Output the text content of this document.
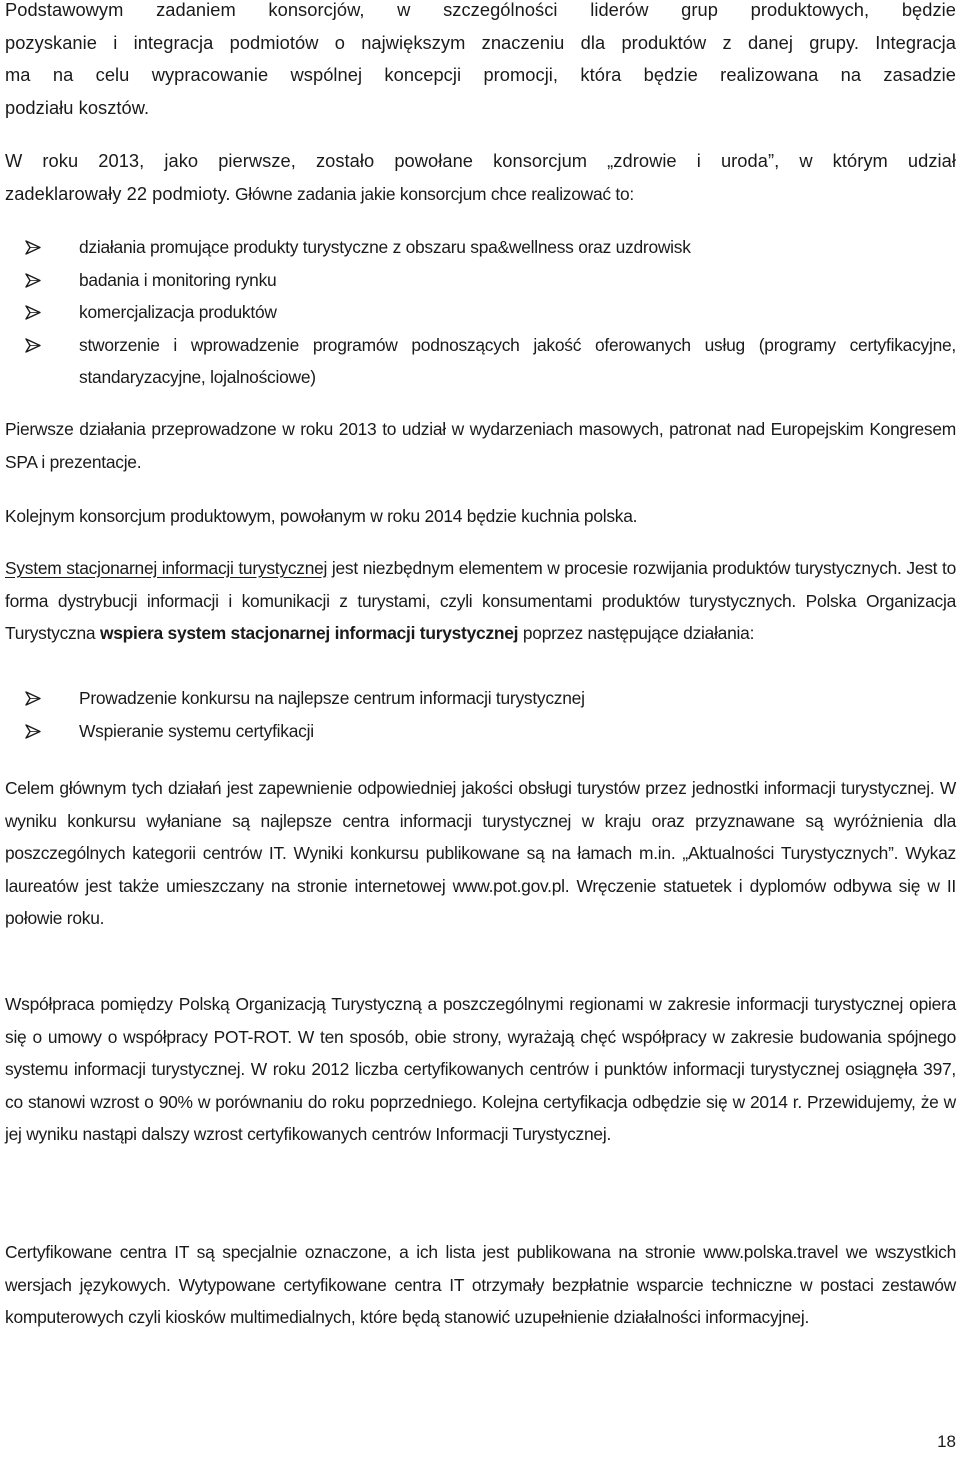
Podstawowym zadaniem konsorcjów, w szczególności liderów grup produktowych, będzie
pozyskanie i integracja podmiotów o największym znaczeniu dla produktów z danej grupy. Integracja
ma na celu wypracowanie wspólnej koncepcji promocji, która będzie realizowana na zasadzie
podziału kosztów.
W roku 2013, jako pierwsze, zostało powołane konsorcjum „zdrowie i uroda”, w którym udział
zadeklarowały 22 podmioty. Główne zadania jakie konsorcjum chce realizować to:
działania promujące produkty turystyczne z obszaru spa&wellness oraz uzdrowisk
badania i monitoring rynku
komercjalizacja produktów
stworzenie i wprowadzenie programów podnoszących jakość oferowanych usług (programy certyfikacyjne, standaryzacyjne, lojalnościowe)

Pierwsze działania przeprowadzone w roku 2013 to udział w wydarzeniach masowych, patronat nad Europejskim Kongresem SPA i prezentacje.

Kolejnym konsorcjum produktowym, powołanym w roku 2014 będzie kuchnia polska.

System stacjonarnej informacji turystycznej jest niezbędnym elementem w procesie rozwijania produktów turystycznych. Jest to forma dystrybucji informacji i komunikacji z turystami, czyli konsumentami produktów turystycznych. Polska Organizacja Turystyczna wspiera system stacjonarnej informacji turystycznej poprzez następujące działania:

Prowadzenie konkursu na najlepsze centrum informacji turystycznej
Wspieranie systemu certyfikacji

Celem głównym tych działań jest zapewnienie odpowiedniej jakości obsługi turystów przez jednostki informacji turystycznej. W wyniku konkursu wyłaniane są najlepsze centra informacji turystycznej w kraju oraz przyznawane są wyróżnienia dla poszczególnych kategorii centrów IT. Wyniki konkursu publikowane są na łamach m.in. „Aktualności Turystycznych”. Wykaz laureatów jest także umieszczany na stronie internetowej www.pot.gov.pl. Wręczenie statuetek i dyplomów odbywa się w II połowie roku.

Współpraca pomiędzy Polską Organizacją Turystyczną a poszczególnymi regionami w zakresie informacji turystycznej opiera się o umowy o współpracy POT-ROT. W ten sposób, obie strony, wyrażają chęć współpracy w zakresie budowania spójnego systemu informacji turystycznej. W roku 2012 liczba certyfikowanych centrów i punktów informacji turystycznej osiągnęła 397, co stanowi wzrost o 90% w porównaniu do roku poprzedniego. Kolejna certyfikacja odbędzie się w 2014 r. Przewidujemy, że w jej wyniku nastąpi dalszy wzrost certyfikowanych centrów Informacji Turystycznej.

Certyfikowane centra IT są specjalnie oznaczone, a ich lista jest publikowana na stronie www.polska.travel we wszystkich wersjach językowych. Wytypowane certyfikowane centra IT otrzymały bezpłatnie wsparcie techniczne w postaci zestawów komputerowych czyli kiosków multimedialnych, które będą stanowić uzupełnienie działalności informacyjnej.

18
